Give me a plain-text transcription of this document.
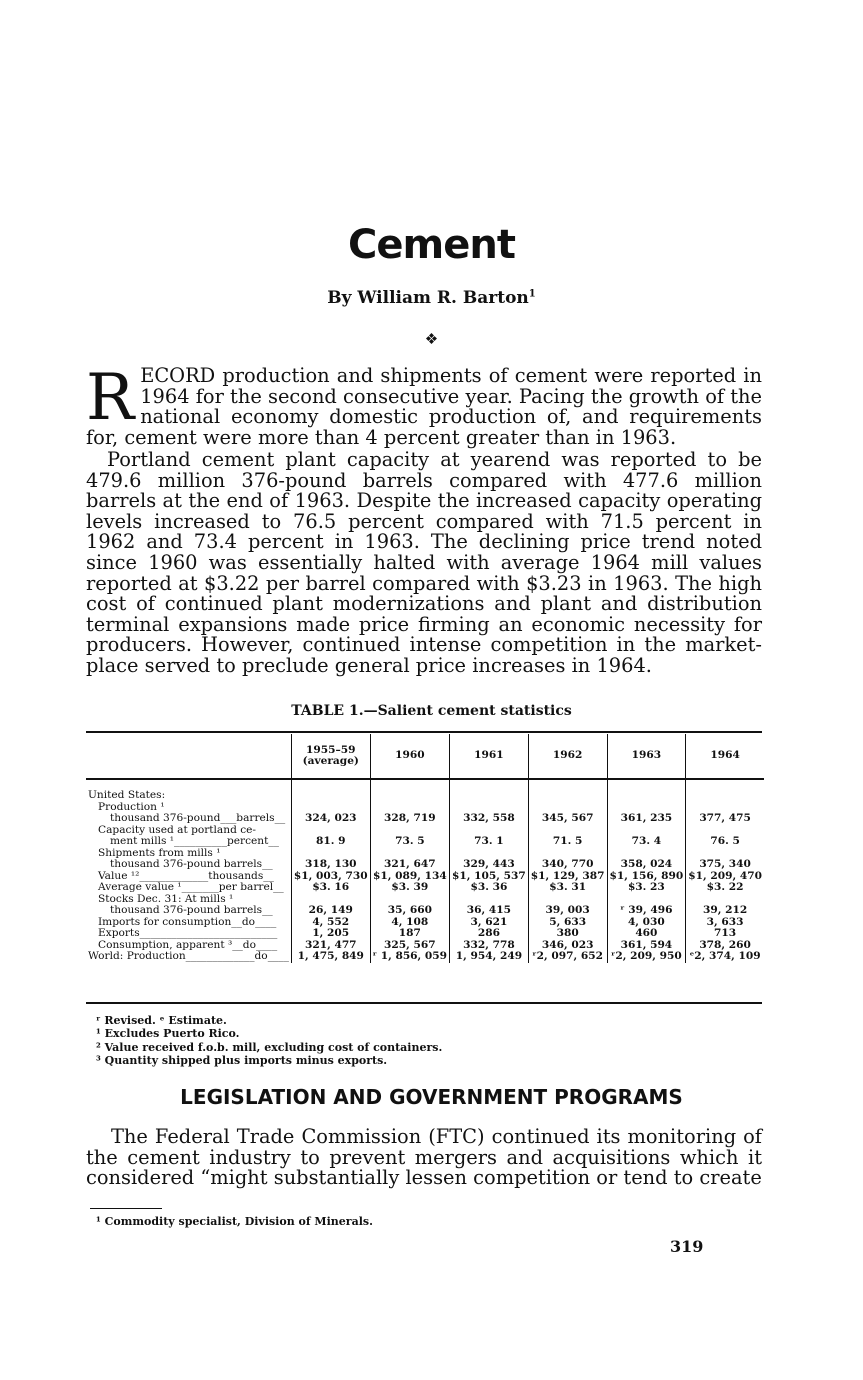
Cement
By William R. Barton$^1$
❖
RECORD production and shipments of cement were reported in 1964 for the second consecutive year. Pacing the growth of the national economy domestic production of, and requirements for, cement were more than 4 percent greater than in 1963.
Portland cement plant capacity at yearend was reported to be 479.6 million 376-pound barrels compared with 477.6 million barrels at the end of 1963. Despite the increased capacity operating levels increased to 76.5 percent compared with 71.5 percent in 1962 and 73.4 percent in 1963. The declining price trend noted since 1960 was essentially halted with average 1964 mill values reported at $3.22 per barrel compared with $3.23 in 1963. The high cost of continued plant modernizations and plant and distribution terminal expansions made price firming an economic necessity for producers. However, continued intense competition in the market-place served to preclude general price increases in 1964.
TABLE 1.—Salient cement statistics
	1955–59 (average)	1960	1961	1962	1963	1964

United States:						
Production ¹						
thousand 376-pound___barrels__	324, 023	328, 719	332, 558	345, 567	361, 235	377, 475
Capacity used at portland ce-						
ment mills ¹__________percent__	81. 9	73. 5	73. 1	71. 5	73. 4	76. 5
Shipments from mills ¹						
thousand 376-pound barrels__	318, 130	321, 647	329, 443	340, 770	358, 024	375, 340
Value ¹²_____________thousands__	$1, 003, 730	$1, 089, 134	$1, 105, 537	$1, 129, 387	$1, 156, 890	$1, 209, 470
Average value ¹_______per barrel__	$3. 16	$3. 39	$3. 36	$3. 31	$3. 23	$3. 22
Stocks Dec. 31: At mills ¹						
thousand 376-pound barrels__	26, 149	35, 660	36, 415	39, 003	ʳ 39, 496	39, 212
Imports for consumption__do____	4, 552	4, 108	3, 621	5, 633	4, 030	3, 633
Exports__________________________	1, 205	187	286	380	460	713
Consumption, apparent ³__do____	321, 477	325, 567	332, 778	346, 023	361, 594	378, 260
World: Production_____________do____	1, 475, 849	ʳ 1, 856, 059	1, 954, 249	ʳ2, 097, 652	ʳ2, 209, 950	ᵉ2, 374, 109
ʳ Revised. ᵉ Estimate.
¹ Excludes Puerto Rico.
² Value received f.o.b. mill, excluding cost of containers.
³ Quantity shipped plus imports minus exports.
LEGISLATION AND GOVERNMENT PROGRAMS
The Federal Trade Commission (FTC) continued its monitoring of the cement industry to prevent mergers and acquisitions which it considered “might substantially lessen competition or tend to create
¹ Commodity specialist, Division of Minerals.
319
